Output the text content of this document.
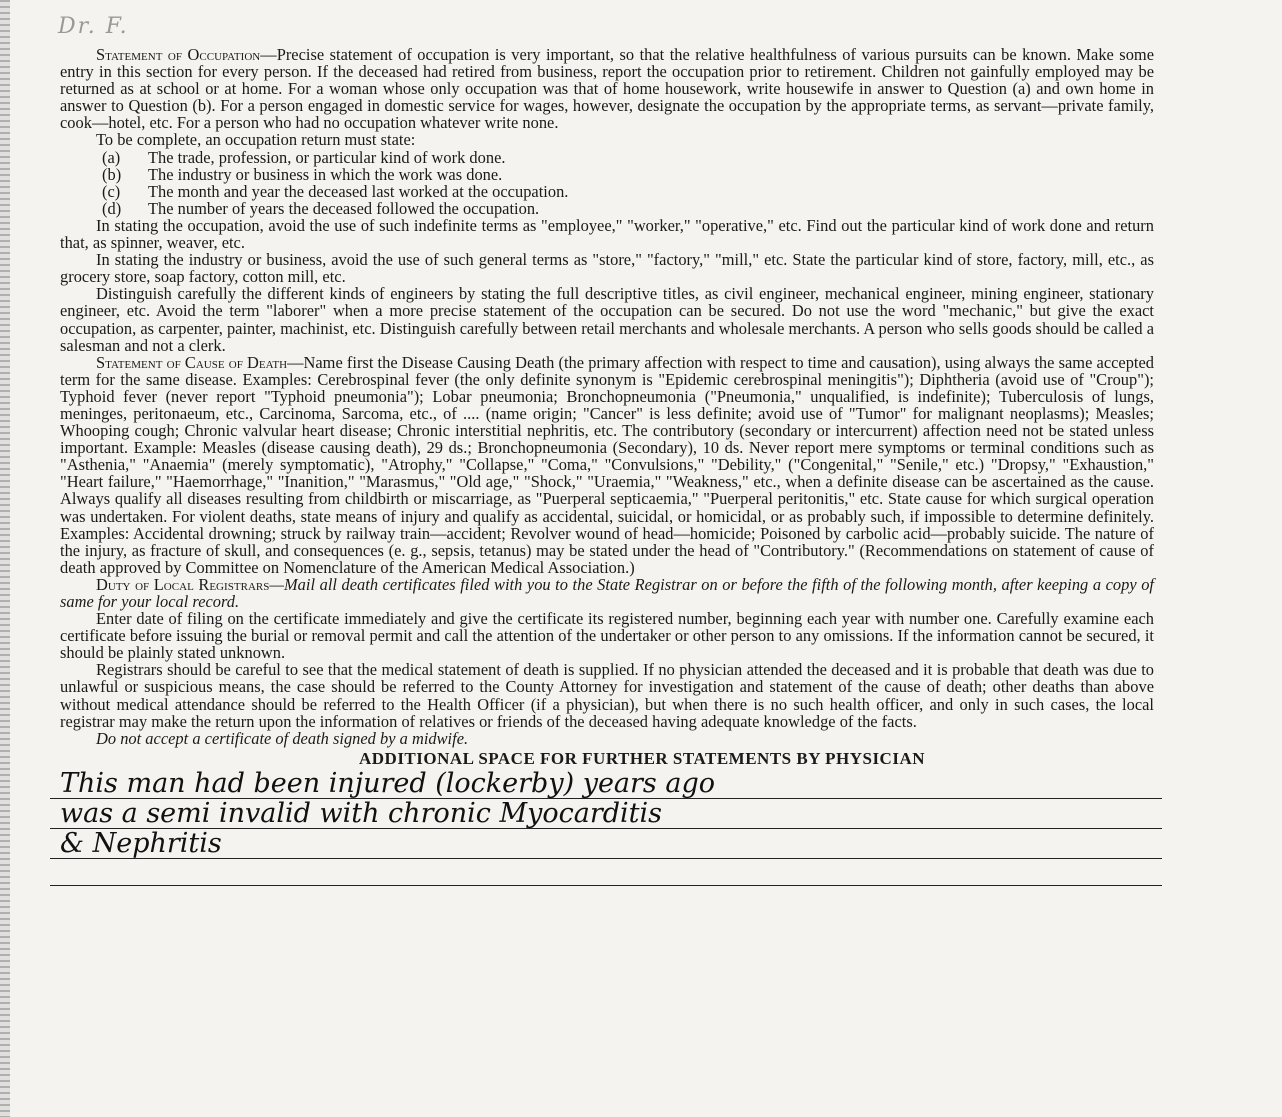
Dr. F.

Statement of Occupation—Precise statement of occupation is very important, so that the relative healthfulness of various pursuits can be known. Make some entry in this section for every person. If the deceased had retired from business, report the occupation prior to retirement. Children not gainfully employed may be returned as at school or at home. For a woman whose only occupation was that of home housework, write housewife in answer to Question (a) and own home in answer to Question (b). For a person engaged in domestic service for wages, however, designate the occupation by the appropriate terms, as servant—private family, cook—hotel, etc. For a person who had no occupation whatever write none.

To be complete, an occupation return must state:

(a) The trade, profession, or particular kind of work done.
(b) The industry or business in which the work was done.
(c) The month and year the deceased last worked at the occupation.
(d) The number of years the deceased followed the occupation.

In stating the occupation, avoid the use of such indefinite terms as "employee," "worker," "operative," etc. Find out the particular kind of work done and return that, as spinner, weaver, etc.

In stating the industry or business, avoid the use of such general terms as "store," "factory," "mill," etc. State the particular kind of store, factory, mill, etc., as grocery store, soap factory, cotton mill, etc.

Distinguish carefully the different kinds of engineers by stating the full descriptive titles, as civil engineer, mechanical engineer, mining engineer, stationary engineer, etc. Avoid the term "laborer" when a more precise statement of the occupation can be secured. Do not use the word "mechanic," but give the exact occupation, as carpenter, painter, machinist, etc. Distinguish carefully between retail merchants and wholesale merchants. A person who sells goods should be called a salesman and not a clerk.

Statement of Cause of Death—Name first the Disease Causing Death (the primary affection with respect to time and causation), using always the same accepted term for the same disease. Examples: Cerebrospinal fever (the only definite synonym is "Epidemic cerebrospinal meningitis"); Diphtheria (avoid use of "Croup"); Typhoid fever (never report "Typhoid pneumonia"); Lobar pneumonia; Bronchopneumonia ("Pneumonia," unqualified, is indefinite); Tuberculosis of lungs, meninges, peritonaeum, etc., Carcinoma, Sarcoma, etc., of .... (name origin; "Cancer" is less definite; avoid use of "Tumor" for malignant neoplasms); Measles; Whooping cough; Chronic valvular heart disease; Chronic interstitial nephritis, etc. The contributory (secondary or intercurrent) affection need not be stated unless important. Example: Measles (disease causing death), 29 ds.; Bronchopneumonia (Secondary), 10 ds. Never report mere symptoms or terminal conditions such as "Asthenia," "Anaemia" (merely symptomatic), "Atrophy," "Collapse," "Coma," "Convulsions," "Debility," ("Congenital," "Senile," etc.) "Dropsy," "Exhaustion," "Heart failure," "Haemorrhage," "Inanition," "Marasmus," "Old age," "Shock," "Uraemia," "Weakness," etc., when a definite disease can be ascertained as the cause. Always qualify all diseases resulting from childbirth or miscarriage, as "Puerperal septicaemia," "Puerperal peritonitis," etc. State cause for which surgical operation was undertaken. For violent deaths, state means of injury and qualify as accidental, suicidal, or homicidal, or as probably such, if impossible to determine definitely. Examples: Accidental drowning; struck by railway train—accident; Revolver wound of head—homicide; Poisoned by carbolic acid—probably suicide. The nature of the injury, as fracture of skull, and consequences (e. g., sepsis, tetanus) may be stated under the head of "Contributory." (Recommendations on statement of cause of death approved by Committee on Nomenclature of the American Medical Association.)

Duty of Local Registrars—Mail all death certificates filed with you to the State Registrar on or before the fifth of the following month, after keeping a copy of same for your local record.

Enter date of filing on the certificate immediately and give the certificate its registered number, beginning each year with number one. Carefully examine each certificate before issuing the burial or removal permit and call the attention of the undertaker or other person to any omissions. If the information cannot be secured, it should be plainly stated unknown.

Registrars should be careful to see that the medical statement of death is supplied. If no physician attended the deceased and it is probable that death was due to unlawful or suspicious means, the case should be referred to the County Attorney for investigation and statement of the cause of death; other deaths than above without medical attendance should be referred to the Health Officer (if a physician), but when there is no such health officer, and only in such cases, the local registrar may make the return upon the information of relatives or friends of the deceased having adequate knowledge of the facts.

Do not accept a certificate of death signed by a midwife.

ADDITIONAL SPACE FOR FURTHER STATEMENTS BY PHYSICIAN
This man had been injured (lockerby) years ago
was a semi invalid with chronic Myocarditis
& Nephritis
